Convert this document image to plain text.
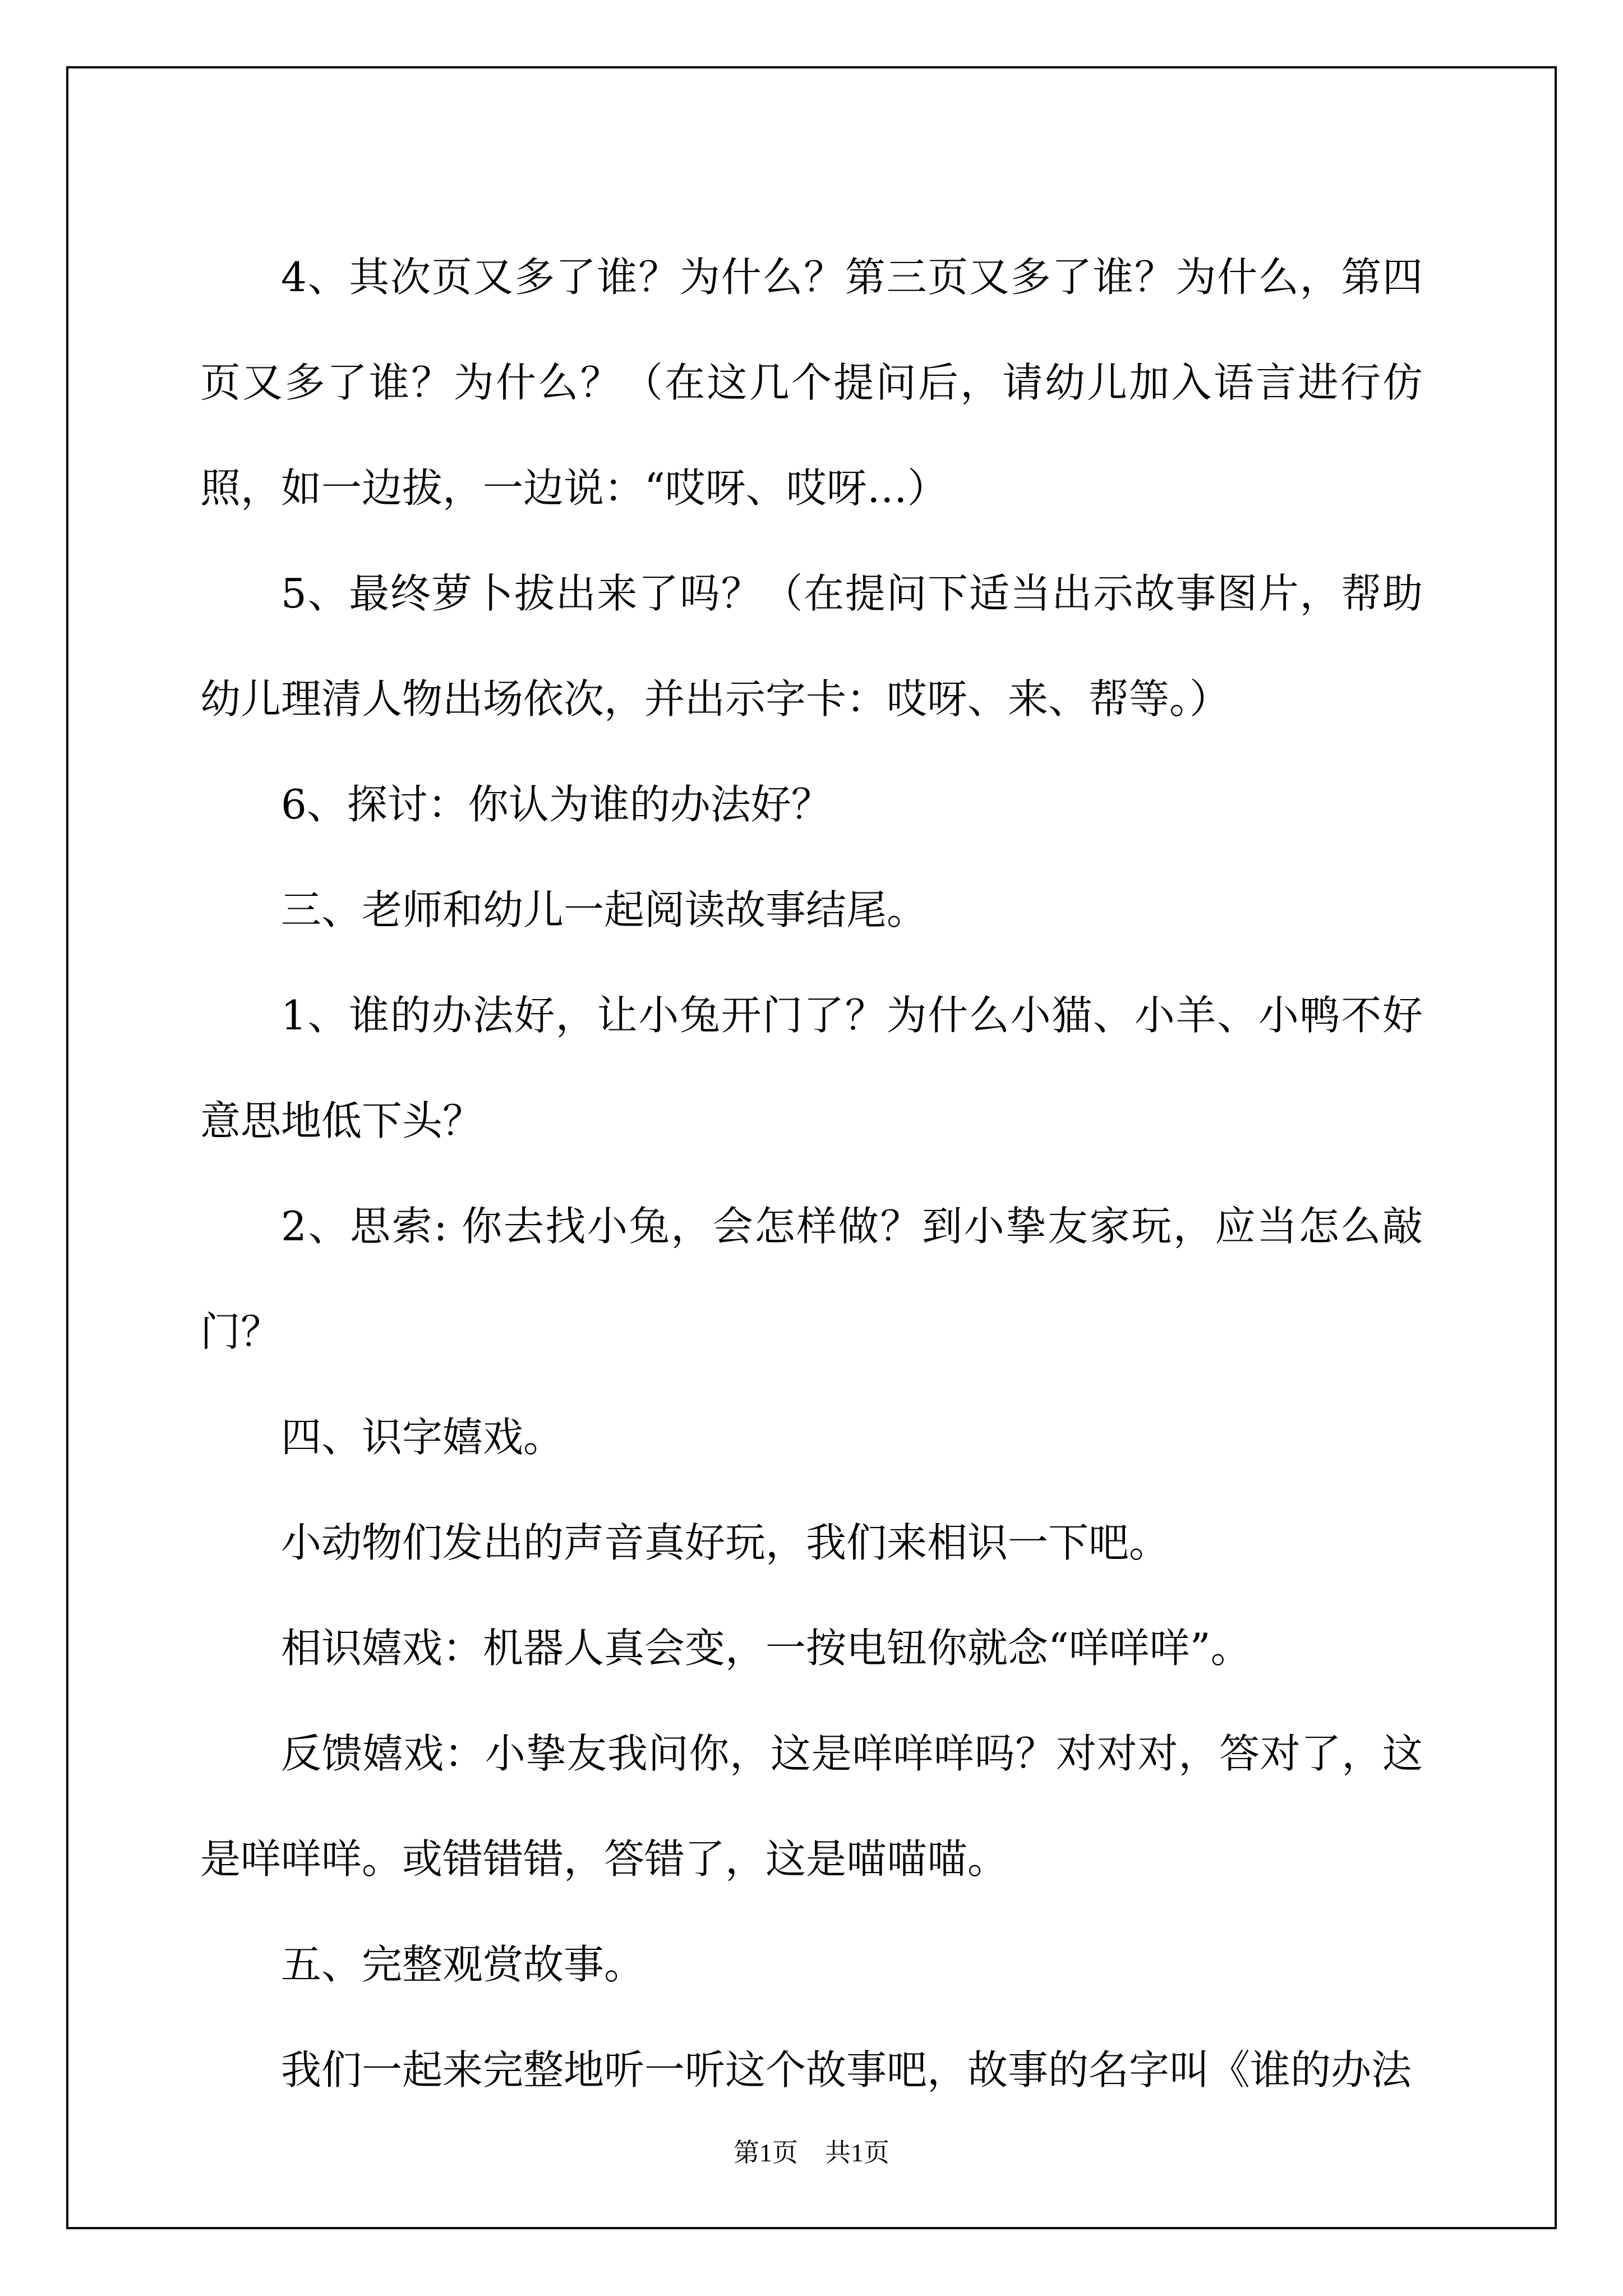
4、其次页又多了谁？为什么？第三页又多了谁？为什么，第四页又多了谁？为什么？（在这几个提问后，请幼儿加入语言进行仿照，如一边拔，一边说：“哎呀、哎呀…）

5、最终萝卜拔出来了吗？（在提问下适当出示故事图片，帮助幼儿理清人物出场依次，并出示字卡：哎呀、来、帮等。）

6、探讨：你认为谁的办法好？

三、老师和幼儿一起阅读故事结尾。

1、谁的办法好，让小兔开门了？为什么小猫、小羊、小鸭不好意思地低下头？

2、思索: 你去找小兔，会怎样做？到小挚友家玩，应当怎么敲门？

四、识字嬉戏。

小动物们发出的声音真好玩，我们来相识一下吧。

相识嬉戏：机器人真会变，一按电钮你就念“咩咩咩”。

反馈嬉戏：小挚友我问你，这是咩咩咩吗？对对对，答对了，这是咩咩咩。或错错错，答错了，这是喵喵喵。

五、完整观赏故事。

我们一起来完整地听一听这个故事吧，故事的名字叫《谁的办法

第1页 共1页
